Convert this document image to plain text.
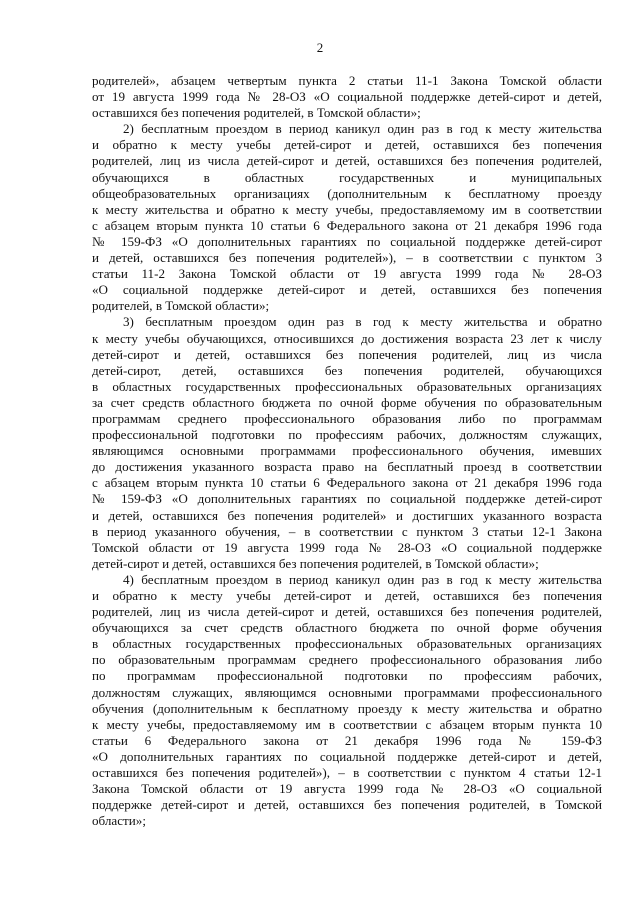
2
родителей», абзацем четвертым пункта 2 статьи 11-1 Закона Томской области
от 19 августа 1999 года № 28-ОЗ «О социальной поддержке детей-сирот и детей,
оставшихся без попечения родителей, в Томской области»;
2) бесплатным проездом в период каникул один раз в год к месту жительства
и обратно к месту учебы детей-сирот и детей, оставшихся без попечения
родителей, лиц из числа детей-сирот и детей, оставшихся без попечения родителей,
обучающихся в областных государственных и муниципальных
общеобразовательных организациях (дополнительным к бесплатному проезду
к месту жительства и обратно к месту учебы, предоставляемому им в соответствии
с абзацем вторым пункта 10 статьи 6 Федерального закона от 21 декабря 1996 года
№ 159-ФЗ «О дополнительных гарантиях по социальной поддержке детей-сирот
и детей, оставшихся без попечения родителей»), – в соответствии с пунктом 3
статьи 11-2 Закона Томской области от 19 августа 1999 года № 28-ОЗ
«О социальной поддержке детей-сирот и детей, оставшихся без попечения
родителей, в Томской области»;
3) бесплатным проездом один раз в год к месту жительства и обратно
к месту учебы обучающихся, относившихся до достижения возраста 23 лет к числу
детей-сирот и детей, оставшихся без попечения родителей, лиц из числа
детей-сирот, детей, оставшихся без попечения родителей, обучающихся
в областных государственных профессиональных образовательных организациях
за счет средств областного бюджета по очной форме обучения по образовательным
программам среднего профессионального образования либо по программам
профессиональной подготовки по профессиям рабочих, должностям служащих,
являющимся основными программами профессионального обучения, имевших
до достижения указанного возраста право на бесплатный проезд в соответствии
с абзацем вторым пункта 10 статьи 6 Федерального закона от 21 декабря 1996 года
№ 159-ФЗ «О дополнительных гарантиях по социальной поддержке детей-сирот
и детей, оставшихся без попечения родителей» и достигших указанного возраста
в период указанного обучения, – в соответствии с пунктом 3 статьи 12-1 Закона
Томской области от 19 августа 1999 года № 28-ОЗ «О социальной поддержке
детей-сирот и детей, оставшихся без попечения родителей, в Томской области»;
4) бесплатным проездом в период каникул один раз в год к месту жительства
и обратно к месту учебы детей-сирот и детей, оставшихся без попечения
родителей, лиц из числа детей-сирот и детей, оставшихся без попечения родителей,
обучающихся за счет средств областного бюджета по очной форме обучения
в областных государственных профессиональных образовательных организациях
по образовательным программам среднего профессионального образования либо
по программам профессиональной подготовки по профессиям рабочих,
должностям служащих, являющимся основными программами профессионального
обучения (дополнительным к бесплатному проезду к месту жительства и обратно
к месту учебы, предоставляемому им в соответствии с абзацем вторым пункта 10
статьи 6 Федерального закона от 21 декабря 1996 года № 159-ФЗ
«О дополнительных гарантиях по социальной поддержке детей-сирот и детей,
оставшихся без попечения родителей»), – в соответствии с пунктом 4 статьи 12-1
Закона Томской области от 19 августа 1999 года № 28-ОЗ «О социальной
поддержке детей-сирот и детей, оставшихся без попечения родителей, в Томской
области»;
